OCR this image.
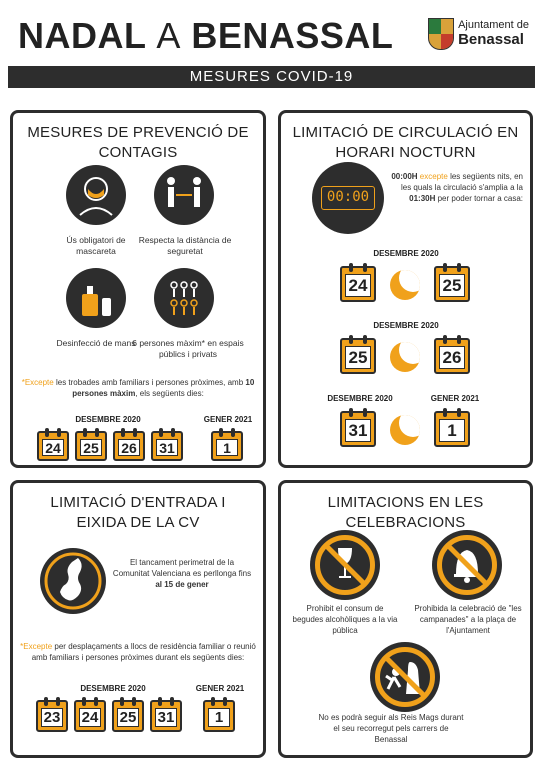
NADAL A BENASSAL	Ajuntament de
Benassal
MESURES COVID-19
MESURES DE PREVENCIÓ DE CONTAGIS
Ús obligatori de mascareta
Respecta la distància de seguretat
Desinfecció de mans
6 persones màxim* en espais públics i privats
*Excepte les trobades amb familiars i persones pròximes, amb 10 persones màxim, els següents dies:
DESEMBRE 2020	GENER 2021
24 25 26 31	1
LIMITACIÓ DE CIRCULACIÓ EN HORARI NOCTURN
00:00
00:00H excepte les següents nits, en les quals la circulació s'amplia a la 01:30H per poder tornar a casa:
DESEMBRE 2020
24	25
DESEMBRE 2020
25	26
DESEMBRE 2020	GENER 2021
31	1
LIMITACIÓ D'ENTRADA I EIXIDA DE LA CV
El tancament perimetral de la Comunitat Valenciana es perllonga fins al 15 de gener
*Excepte per desplaçaments a llocs de residència familiar o reunió amb familiars i persones pròximes durant els següents dies:
DESEMBRE 2020	GENER 2021
23 24 25 31	1
LIMITACIONS EN LES CELEBRACIONS
Prohibit el consum de begudes alcohòliques a la via pública
Prohibida la celebració de "les campanades" a la plaça de l'Ajuntament
No es podrà seguir als Reis Mags durant el seu recorregut pels carrers de Benassal
